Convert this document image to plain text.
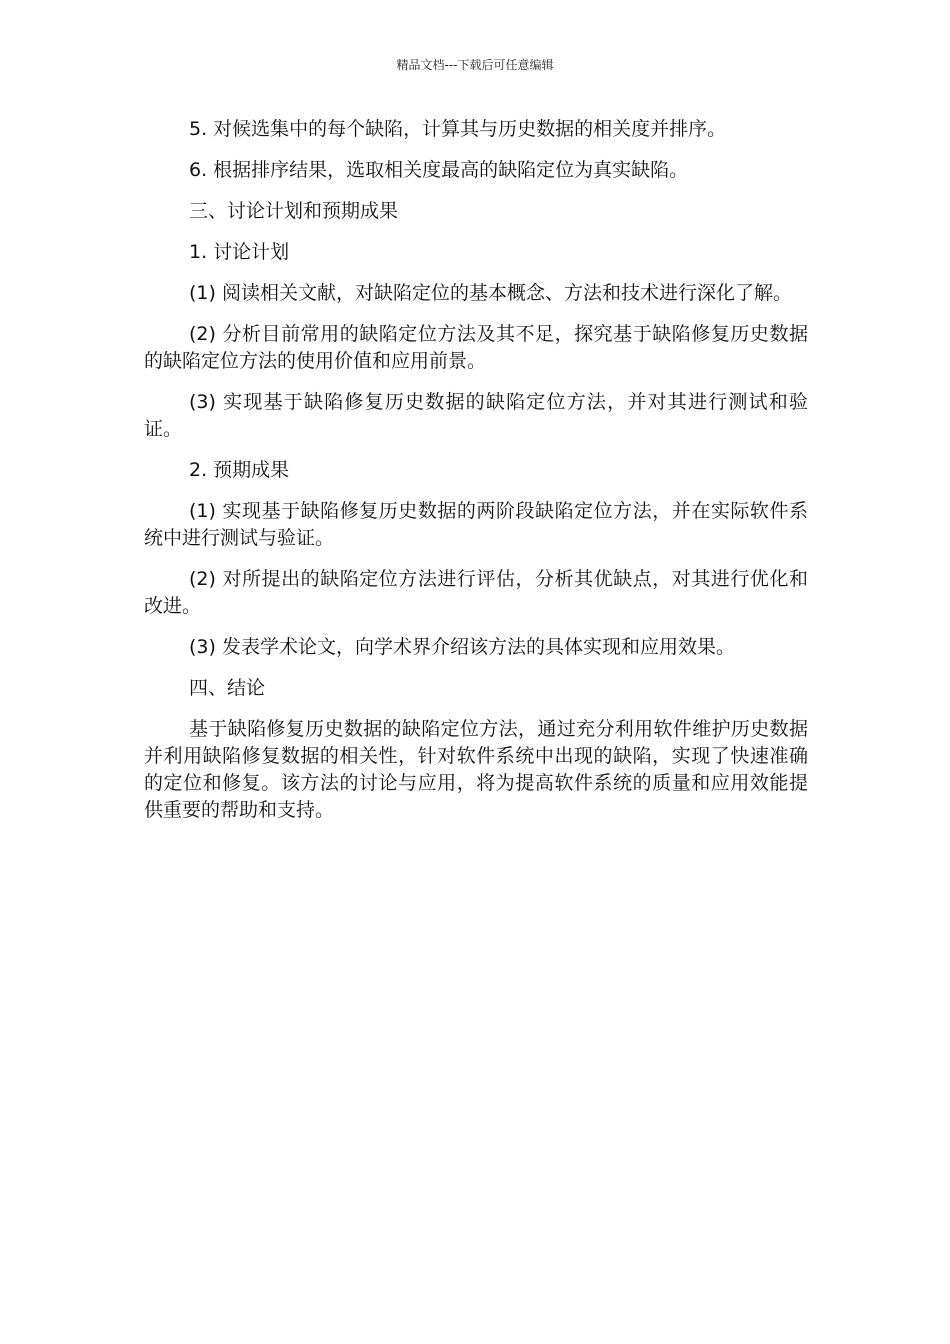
精品文档---下载后可任意编辑

5. 对候选集中的每个缺陷，计算其与历史数据的相关度并排序。

6. 根据排序结果，选取相关度最高的缺陷定位为真实缺陷。

三、讨论计划和预期成果

1. 讨论计划

(1) 阅读相关文献，对缺陷定位的基本概念、方法和技术进行深化了解。

(2) 分析目前常用的缺陷定位方法及其不足，探究基于缺陷修复历史数据的缺陷定位方法的使用价值和应用前景。

(3) 实现基于缺陷修复历史数据的缺陷定位方法，并对其进行测试和验证。

2. 预期成果

(1) 实现基于缺陷修复历史数据的两阶段缺陷定位方法，并在实际软件系统中进行测试与验证。

(2) 对所提出的缺陷定位方法进行评估，分析其优缺点，对其进行优化和改进。

(3) 发表学术论文，向学术界介绍该方法的具体实现和应用效果。

四、结论

基于缺陷修复历史数据的缺陷定位方法，通过充分利用软件维护历史数据并利用缺陷修复数据的相关性，针对软件系统中出现的缺陷，实现了快速准确的定位和修复。该方法的讨论与应用，将为提高软件系统的质量和应用效能提供重要的帮助和支持。
